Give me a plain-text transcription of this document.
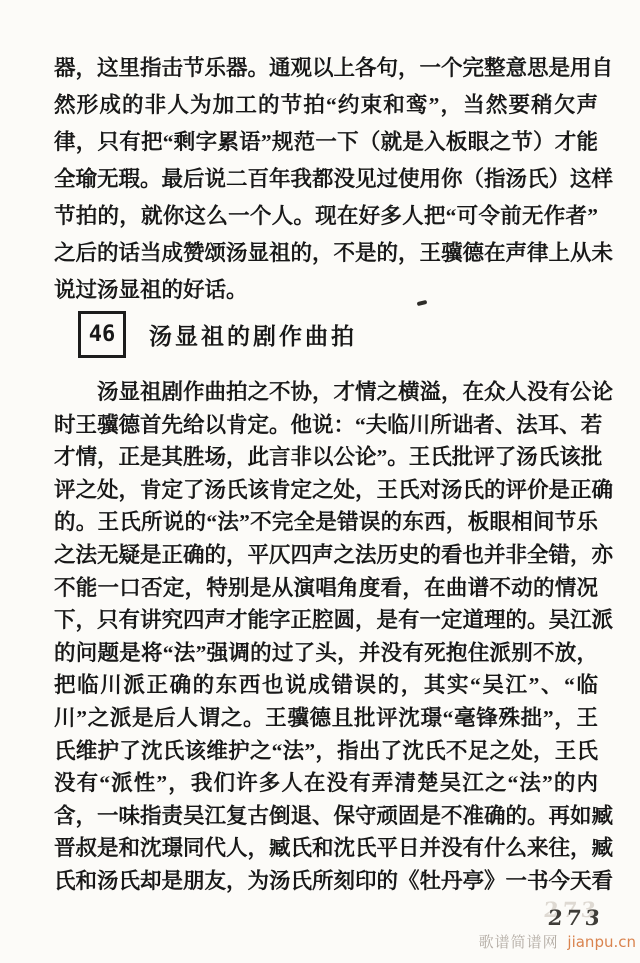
器，这里指击节乐器。通观以上各句，一个完整意思是用自
然形成的非人为加工的节拍“约束和鸾”，当然要稍欠声
律，只有把“剩字累语”规范一下（就是入板眼之节）才能
全瑜无瑕。最后说二百年我都没见过使用你（指汤氏）这样
节拍的，就你这么一个人。现在好多人把“可令前无作者”
之后的话当成赞颂汤显祖的，不是的，王骥德在声律上从未
说过汤显祖的好话。
46	汤显祖的剧作曲拍
汤显祖剧作曲拍之不协，才情之横溢，在众人没有公论
时王骥德首先给以肯定。他说：“夫临川所诎者、法耳、若
才情，正是其胜场，此言非以公论”。王氏批评了汤氏该批
评之处，肯定了汤氏该肯定之处，王氏对汤氏的评价是正确
的。王氏所说的“法”不完全是错误的东西，板眼相间节乐
之法无疑是正确的，平仄四声之法历史的看也并非全错，亦
不能一口否定，特别是从演唱角度看，在曲谱不动的情况
下，只有讲究四声才能字正腔圆，是有一定道理的。吴江派
的问题是将“法”强调的过了头，并没有死抱住派别不放，
把临川派正确的东西也说成错误的，其实“吴江”、“临
川”之派是后人谓之。王骥德且批评沈璟“毫锋殊拙”，王
氏维护了沈氏该维护之“法”，指出了沈氏不足之处，王氏
没有“派性”，我们许多人在没有弄清楚吴江之“法”的内
含，一味指责吴江复古倒退、保守顽固是不准确的。再如臧
晋叔是和沈璟同代人，臧氏和沈氏平日并没有什么来往，臧
氏和汤氏却是朋友，为汤氏所刻印的《牡丹亭》一书今天看
273
歌谱简谱网 jianpu.cn
